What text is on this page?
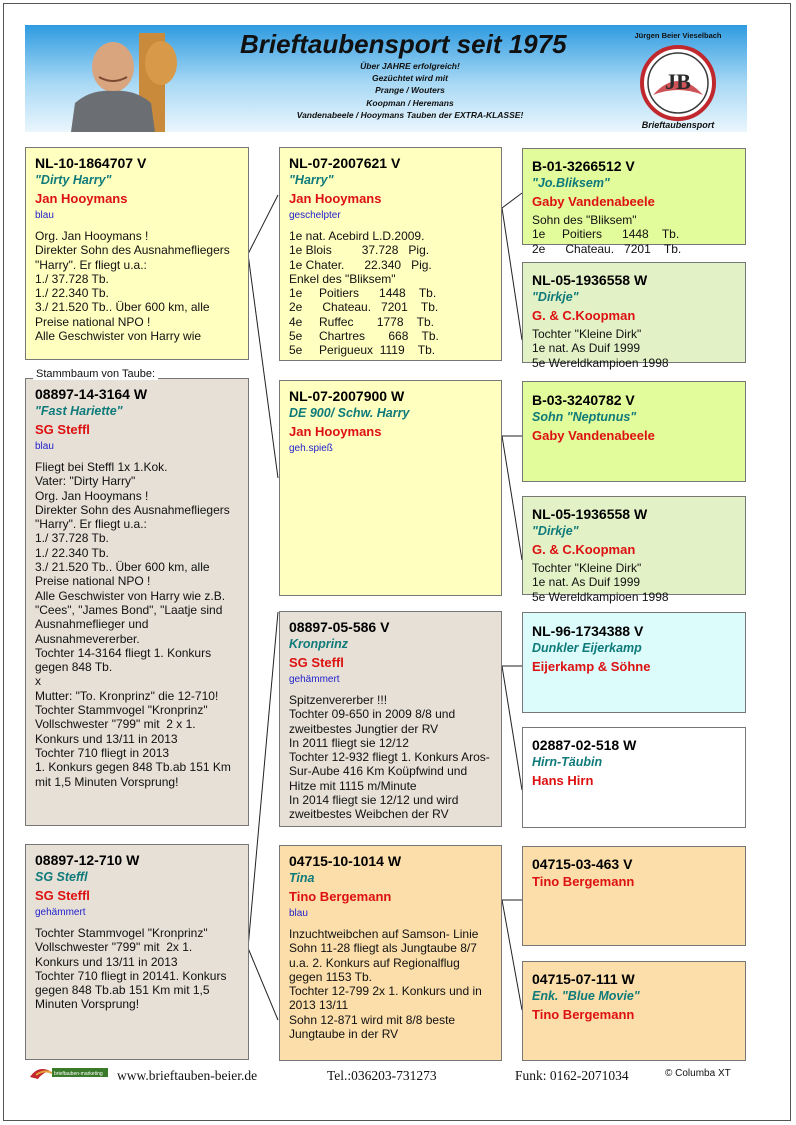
Brieftaubensport seit 1975
Über JAHRE erfolgreich!
Gezüchtet wird mit
Prange / Wouters
Koopman / Heremans
Vandenabeele / Hooymans Tauben der EXTRA-KLASSE!
Jürgen Beier Vieselbach
JB
Brieftaubensport
NL-10-1864707 V
"Dirty Harry"
Jan Hooymans
blau
Org. Jan Hooymans !
Direkter Sohn des Ausnahmefliegers "Harry". Er fliegt u.a.:
1./ 37.728 Tb.
1./ 22.340 Tb.
3./ 21.520 Tb.. Über 600 km, alle Preise national NPO !
Alle Geschwister von Harry wie
08897-14-3164 W
"Fast Hariette"
SG Steffl
blau
Fliegt bei Steffl 1x 1.Kok.
Vater: "Dirty Harry"
Org. Jan Hooymans !
Direkter Sohn des Ausnahmefliegers "Harry". Er fliegt u.a.:
1./ 37.728 Tb.
1./ 22.340 Tb.
3./ 21.520 Tb.. Über 600 km, alle Preise national NPO !
Alle Geschwister von Harry wie z.B. "Cees", "James Bond", "Laatje sind Ausnahmeflieger und Ausnahmevererber.
Tochter 14-3164 fliegt 1. Konkurs gegen 848 Tb.
x
Mutter: "To. Kronprinz" die 12-710!
Tochter Stammvogel "Kronprinz" Vollschwester "799" mit  2 x 1. Konkurs und 13/11 in 2013
Tochter 710 fliegt in 2013
1. Konkurs gegen 848 Tb.ab 151 Km mit 1,5 Minuten Vorsprung!
Stammbaum von Taube:
08897-12-710 W
SG Steffl
SG Steffl
gehämmert
Tochter Stammvogel "Kronprinz" Vollschwester "799" mit  2x 1. Konkurs und 13/11 in 2013
Tochter 710 fliegt in 20141. Konkurs gegen 848 Tb.ab 151 Km mit 1,5 Minuten Vorsprung!
NL-07-2007621 V
"Harry"
Jan Hooymans
geschelpter
1e nat. Acebird L.D.2009.
1e Blois         37.728   Pig.
1e Chater.      22.340   Pig.
Enkel des "Bliksem"
1e     Poitiers      1448    Tb.
2e      Chateau.   7201    Tb.
4e     Ruffec       1778    Tb.
5e     Chartres       668    Tb.
5e     Perigueux  1119    Tb.
NL-07-2007900 W
DE 900/ Schw. Harry
Jan Hooymans
geh.spieß
08897-05-586 V
Kronprinz
SG Steffl
gehämmert
Spitzenvererber !!!
Tochter 09-650 in 2009 8/8 und zweitbestes Jungtier der RV
In 2011 fliegt sie 12/12
Tochter 12-932 fliegt 1. Konkurs Aros-Sur-Aube 416 Km Koüpfwind und Hitze mit 1115 m/Minute
In 2014 fliegt sie 12/12 und wird zweitbestes Weibchen der RV
04715-10-1014 W
Tina
Tino Bergemann
blau
Inzuchtweibchen auf Samson- Linie
Sohn 11-28 fliegt als Jungtaube 8/7 u.a. 2. Konkurs auf Regionalflug gegen 1153 Tb.
Tochter 12-799 2x 1. Konkurs und in 2013 13/11
Sohn 12-871 wird mit 8/8 beste Jungtaube in der RV
B-01-3266512 V
"Jo.Bliksem"
Gaby Vandenabeele
Sohn des "Bliksem"
1e     Poitiers      1448    Tb.
2e      Chateau.   7201    Tb.
NL-05-1936558 W
"Dirkje"
G. & C.Koopman
Tochter "Kleine Dirk"
1e nat. As Duif 1999
5e Wereldkampioen 1998
B-03-3240782 V
Sohn "Neptunus"
Gaby Vandenabeele
NL-05-1936558 W
"Dirkje"
G. & C.Koopman
Tochter "Kleine Dirk"
1e nat. As Duif 1999
5e Wereldkampioen 1998
NL-96-1734388 V
Dunkler Eijerkamp
Eijerkamp & Söhne
02887-02-518 W
Hirn-Täubin
Hans Hirn
04715-03-463 V
Tino Bergemann
04715-07-111 W
Enk. "Blue Movie"
Tino Bergemann
brieftauben-marketing www.brieftauben-beier.de	Tel.:036203-731273	Funk: 0162-2071034	© Columba XT
